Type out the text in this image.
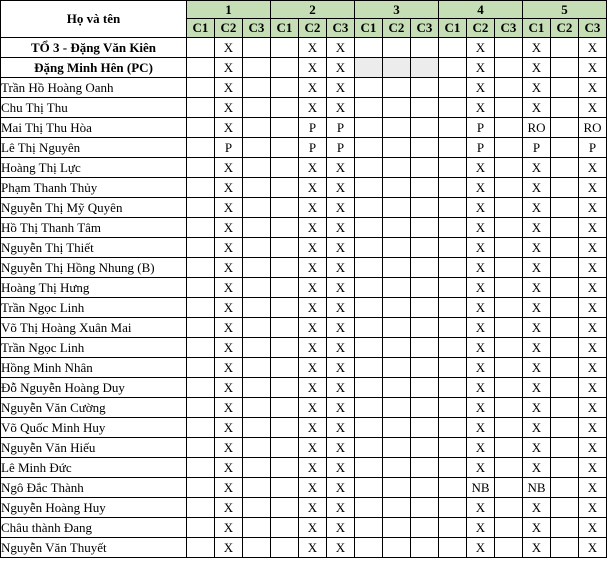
Họ và tên	1			2			3			4			5		
	C1	C2	C3	C1	C2	C3	C1	C2	C3	C1	C2	C3	C1	C2	C3
TỔ 3 - Đặng Văn Kiên		X			X	X					X		X		X
Đặng Minh Hên (PC)		X			X	X					X		X		X
Trần Hồ Hoàng Oanh		X			X	X					X		X		X
Chu Thị Thu		X			X	X					X		X		X
Mai Thị Thu Hòa		X			P	P					P		RO		RO
Lê Thị Nguyên		P			P	P					P		P		P
Hoàng Thị Lực		X			X	X					X		X		X
Phạm Thanh Thủy		X			X	X					X		X		X
Nguyễn Thị Mỹ Quyên		X			X	X					X		X		X
Hồ Thị Thanh Tâm		X			X	X					X		X		X
Nguyễn Thị Thiết		X			X	X					X		X		X
Nguyễn Thị Hồng Nhung (B)		X			X	X					X		X		X
Hoàng Thị Hưng		X			X	X					X		X		X
Trần Ngọc Linh		X			X	X					X		X		X
Võ Thị Hoàng Xuân Mai		X			X	X					X		X		X
Trần Ngọc Linh		X			X	X					X		X		X
Hồng Minh Nhân		X			X	X					X		X		X
Đỗ Nguyễn Hoàng Duy		X			X	X					X		X		X
Nguyễn Văn Cường		X			X	X					X		X		X
Võ Quốc Minh Huy		X			X	X					X		X		X
Nguyễn Văn Hiếu		X			X	X					X		X		X
Lê Minh Đức		X			X	X					X		X		X
Ngô Đắc Thành		X			X	X					NB		NB		X
Nguyễn Hoàng Huy		X			X	X					X		X		X
Châu thành Đang		X			X	X					X		X		X
Nguyễn Văn Thuyết		X			X	X					X		X		X
